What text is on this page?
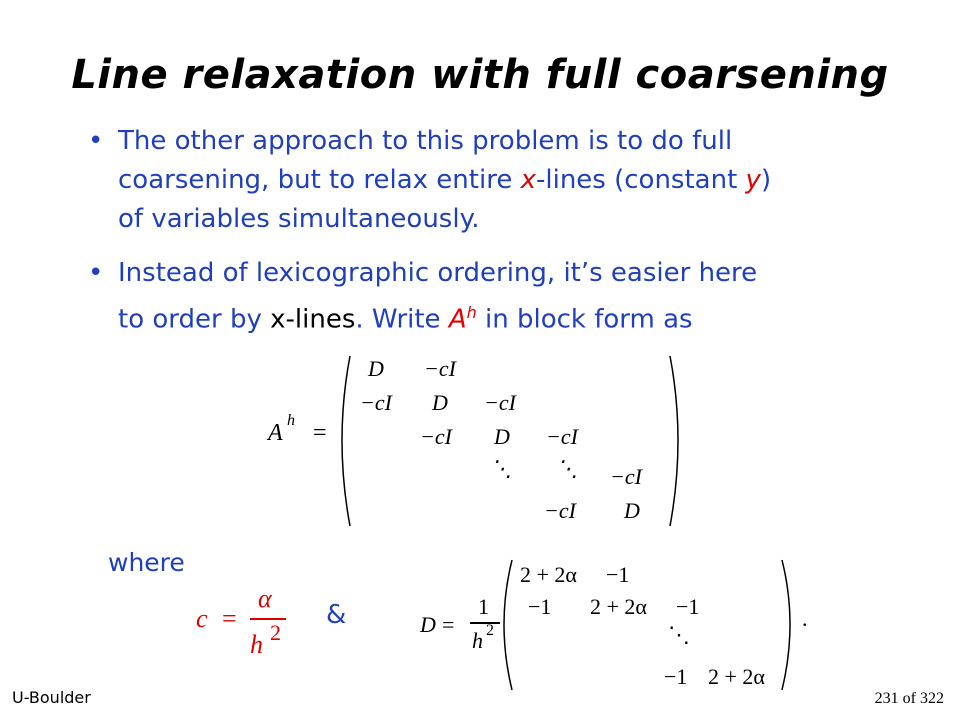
Line relaxation with full coarsening
• The other approach to this problem is to do full
coarsening, but to relax entire x-lines (constant y)
of variables simultaneously.
• Instead of lexicographic ordering, it’s easier here
to order by x-lines. Write $A^h$ in block form as
A h =
D −cI
−cI D −cI
−cI D −cI
⋱ ⋱ −cI
−cI D
where
c =
α
h 2
&	D =
1
h 2
2 + 2α −1
−1 2 + 2α −1
⋱
−1 2 + 2α
.
U-Boulder	231 of 322
